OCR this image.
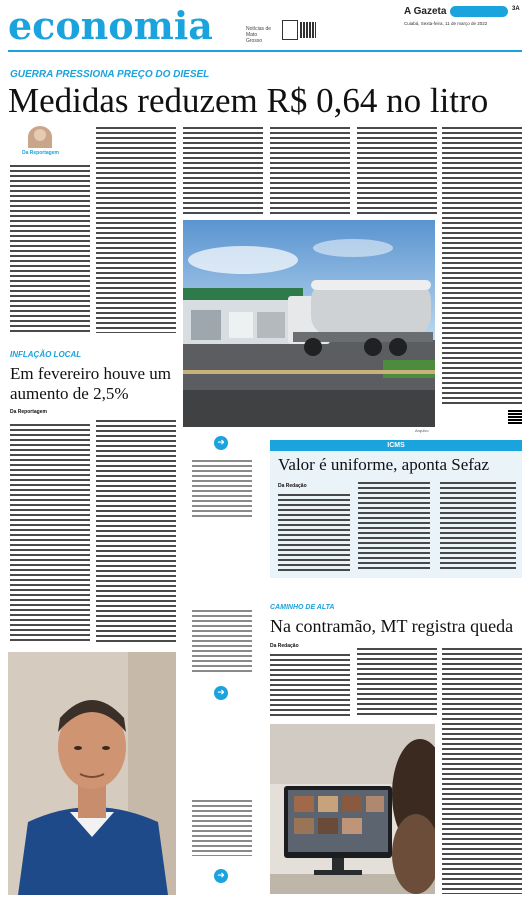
economia	Notícias de Mato Grosso
A Gazeta	3A
Cuiabá, Sexta-feira, 11 de março de 2022
GUERRA PRESSIONA PREÇO DO DIESEL
Medidas reduzem R$ 0,64 no litro
Da Reportagem
Arquivo
INFLAÇÃO LOCAL
Em fevereiro houve um aumento de 2,5%
Da Reportagem
➜
➜
➜
ICMS
Valor é uniforme, aponta Sefaz
Da Redação
CAMINHO DE ALTA
Na contramão, MT registra queda
Da Redação
